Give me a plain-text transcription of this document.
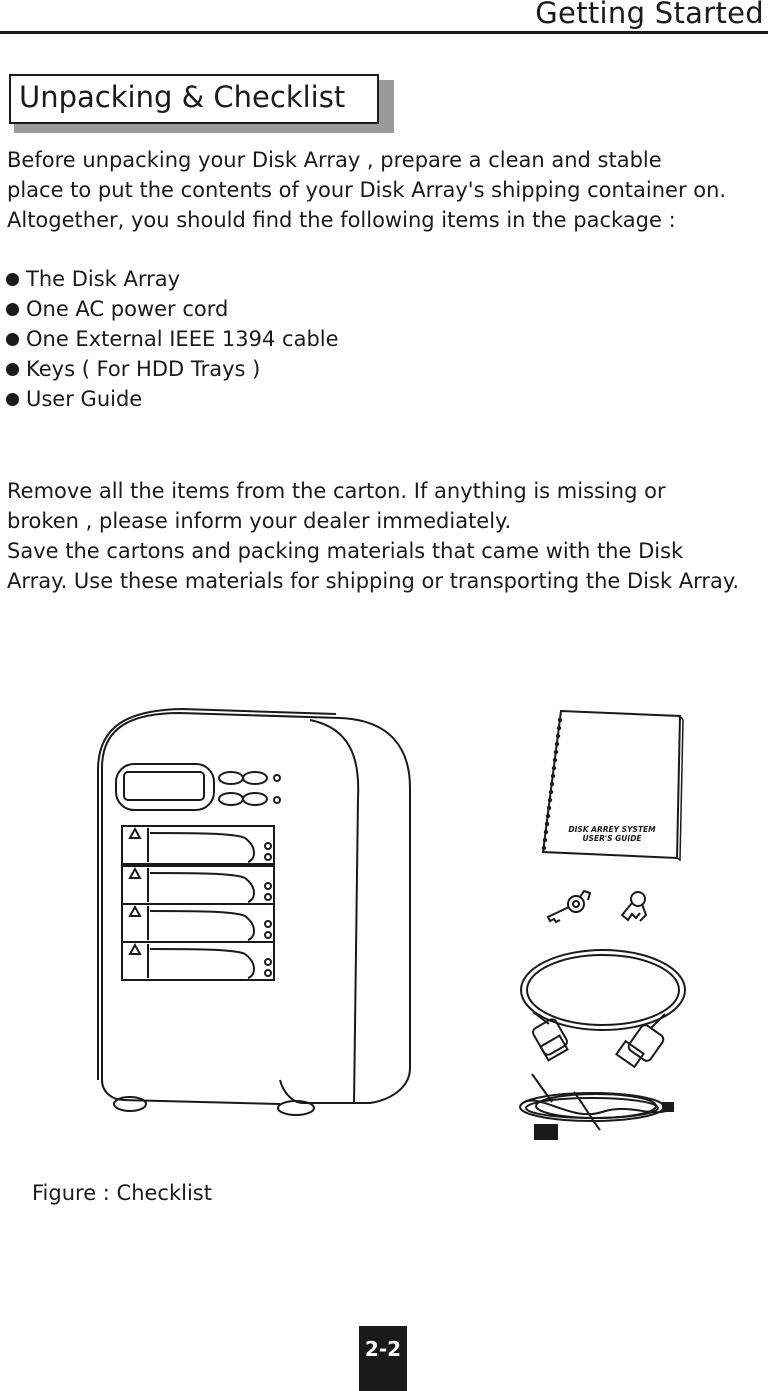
Getting Started
Unpacking & Checklist
Before unpacking your Disk Array , prepare a clean and stable
place to put the contents of your Disk Array's shipping container on.
Altogether, you should find the following items in the package :
The Disk Array
One AC power cord
One External IEEE 1394 cable
Keys ( For HDD Trays )
User Guide
Remove all the items from the carton. If anything is missing or
broken , please inform your dealer immediately.
Save the cartons and packing materials that came with the Disk
Array. Use these materials for shipping or transporting the Disk Array.
DISK ARREY SYSTEM
USER'S GUIDE
Figure : Checklist
2-2
